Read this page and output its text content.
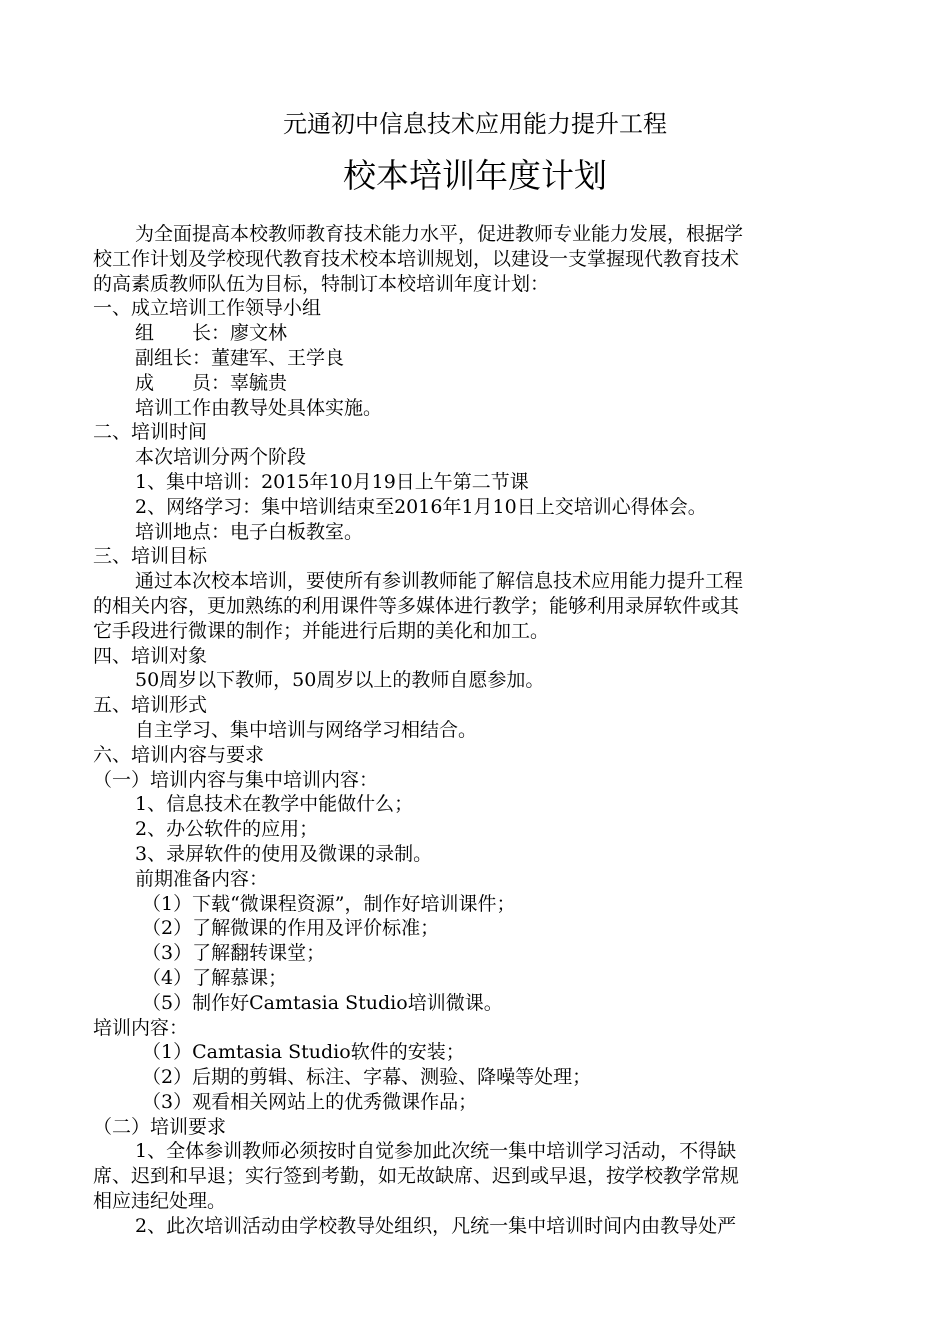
元通初中信息技术应用能力提升工程
校本培训年度计划
为全面提高本校教师教育技术能力水平，促进教师专业能力发展，根据学
校工作计划及学校现代教育技术校本培训规划，以建设一支掌握现代教育技术
的高素质教师队伍为目标，特制订本校培训年度计划：
一、成立培训工作领导小组
组　　长：廖文林
副组长：董建军、王学良
成　　员：辜毓贵
培训工作由教导处具体实施。
二、培训时间
本次培训分两个阶段
1、集中培训：2015年10月19日上午第二节课
2、网络学习：集中培训结束至2016年1月10日上交培训心得体会。
培训地点：电子白板教室。
三、培训目标
通过本次校本培训，要使所有参训教师能了解信息技术应用能力提升工程
的相关内容，更加熟练的利用课件等多媒体进行教学；能够利用录屏软件或其
它手段进行微课的制作；并能进行后期的美化和加工。
四、培训对象
50周岁以下教师，50周岁以上的教师自愿参加。
五、培训形式
自主学习、集中培训与网络学习相结合。
六、培训内容与要求
（一）培训内容与集中培训内容：
1、信息技术在教学中能做什么；
2、办公软件的应用；
3、录屏软件的使用及微课的录制。
前期准备内容：
（1）下载“微课程资源”，制作好培训课件；
（2）了解微课的作用及评价标准；
（3）了解翻转课堂；
（4）了解慕课；
（5）制作好Camtasia Studio培训微课。
培训内容：
（1）Camtasia Studio软件的安装；
（2）后期的剪辑、标注、字幕、测验、降噪等处理；
（3）观看相关网站上的优秀微课作品；
（二）培训要求
1、全体参训教师必须按时自觉参加此次统一集中培训学习活动，不得缺
席、迟到和早退；实行签到考勤，如无故缺席、迟到或早退，按学校教学常规
相应违纪处理。
2、此次培训活动由学校教导处组织，凡统一集中培训时间内由教导处严
